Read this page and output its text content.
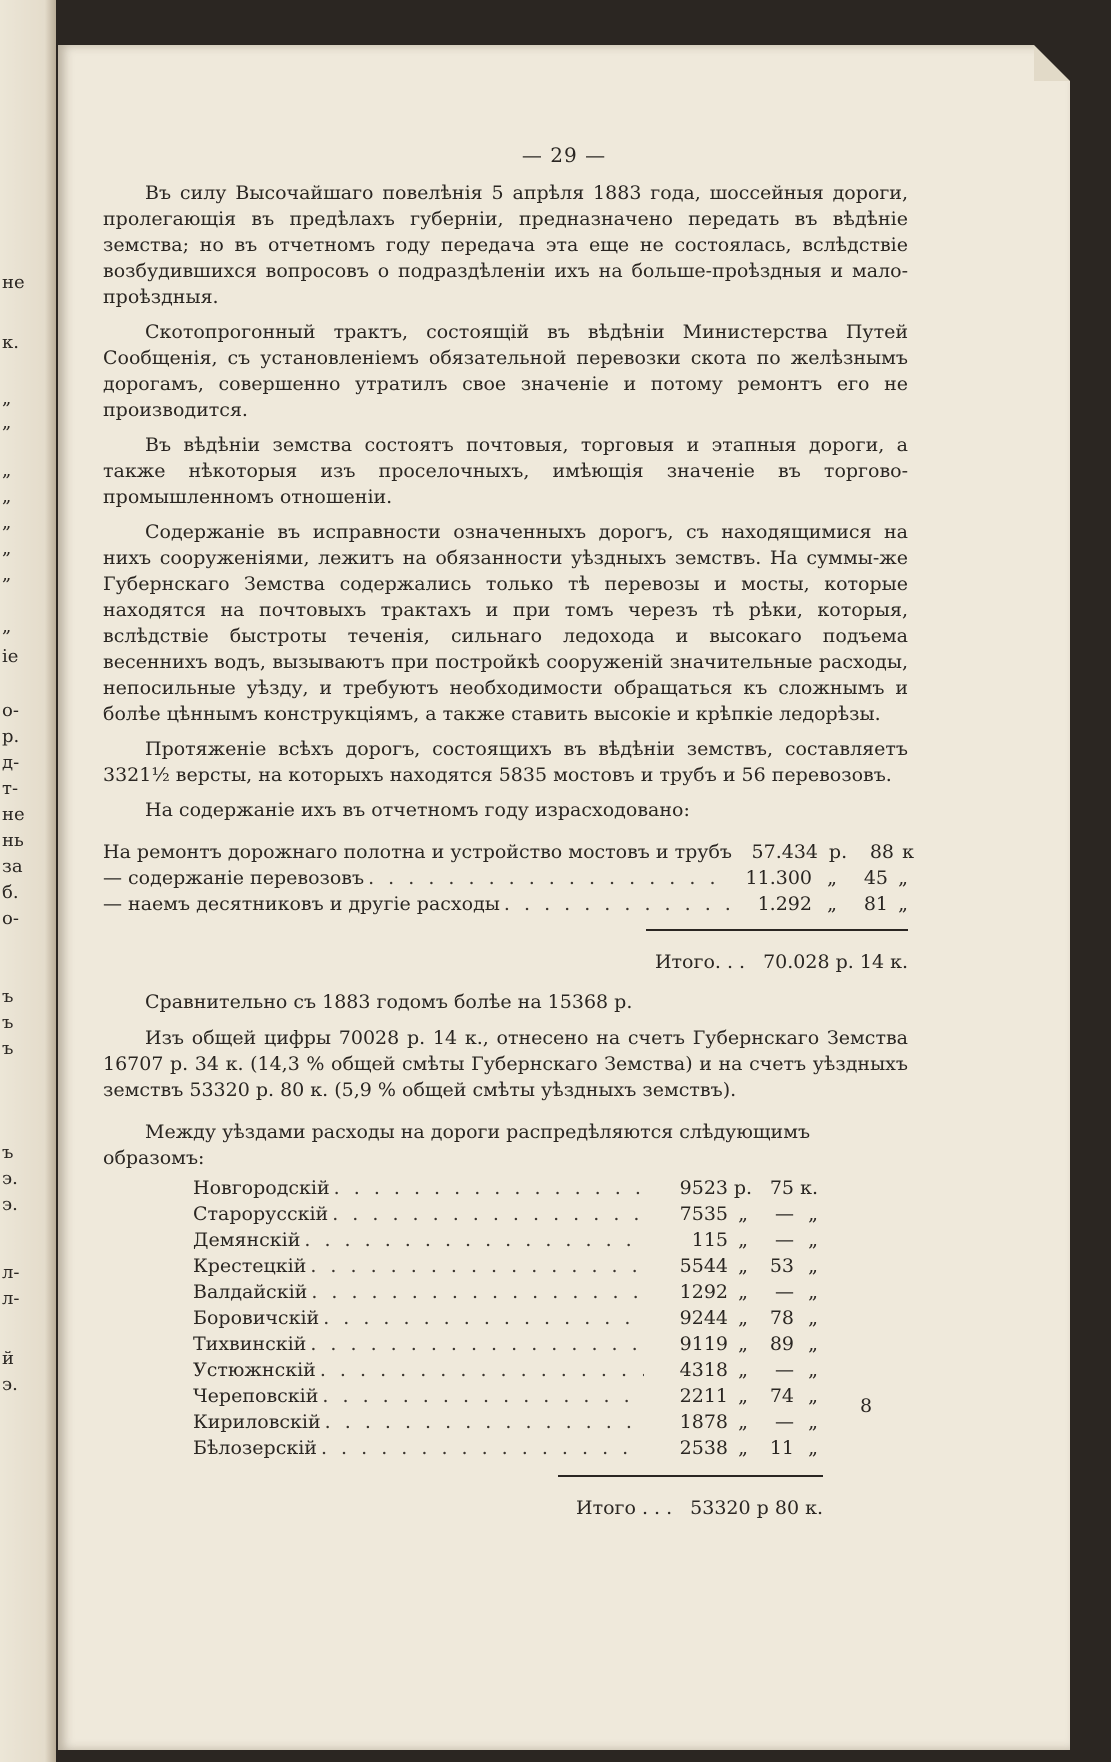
не
к.
„
„
„
„
„
„
„
„
іе
о-
р.
д-
т-
не
нь
за
б.
о-
ъ
ъ
ъ
ъ
э.
э.
л-
л-
й
э.
— 29 —

Въ силу Высочайшаго повелѣнія 5 апрѣля 1883 года, шоссейныя дороги, пролегающія въ предѣлахъ губерніи, предназначено передать въ вѣдѣніе земства; но въ отчетномъ году передача эта еще не состоялась, вслѣдствіе возбудившихся вопросовъ о подраздѣленіи ихъ на больше-проѣздныя и мало-проѣздныя.

Скотопрогонный трактъ, состоящій въ вѣдѣніи Министерства Путей Сообщенія, съ установленіемъ обязательной перевозки скота по желѣзнымъ дорогамъ, совершенно утратилъ свое значеніе и потому ремонтъ его не производится.

Въ вѣдѣніи земства состоятъ почтовыя, торговыя и этапныя дороги, а также нѣкоторыя изъ проселочныхъ, имѣющія значеніе въ торгово-промышленномъ отношеніи.

Содержаніе въ исправности означенныхъ дорогъ, съ находящимися на нихъ сооруженіями, лежитъ на обязанности уѣздныхъ земствъ. На суммы-же Губернскаго Земства содержались только тѣ перевозы и мосты, которые находятся на почтовыхъ трактахъ и при томъ черезъ тѣ рѣки, которыя, вслѣдствіе быстроты теченія, сильнаго ледохода и высокаго подъема весеннихъ водъ, вызываютъ при постройкѣ сооруженій значительные расходы, непосильные уѣзду, и требуютъ необходимости обращаться къ сложнымъ и болѣе цѣннымъ конструкціямъ, а также ставить высокіе и крѣпкіе ледорѣзы.

Протяженіе всѣхъ дорогъ, состоящихъ въ вѣдѣніи земствъ, составляетъ 3321½ версты, на которыхъ находятся 5835 мостовъ и трубъ и 56 перевозовъ.

На содержаніе ихъ въ отчетномъ году израсходовано:

На ремонтъ дорожнаго полотна и устройство мостовъ и трубъ	57.434 р.	88 к
— содержаніе перевозовъ . . .	11.300 „	45 „
— наемъ десятниковъ и другіе расходы . . .	1.292 „	81 „
Итого. . . 70.028 р. 14 к.

Сравнительно съ 1883 годомъ болѣе на 15368 р.

Изъ общей цифры 70028 р. 14 к., отнесено на счетъ Губернскаго Земства 16707 р. 34 к. (14,3 % общей смѣты Губернскаго Земства) и на счетъ уѣздныхъ земствъ 53320 р. 80 к. (5,9 % общей смѣты уѣздныхъ земствъ).

Между уѣздами расходы на дороги распредѣляются слѣдующимъ образомъ:

Новгородскій . . .	9523 р. 75 к.
Старорусскій . . .	7535 „	— „
Демянскій . . .	115 „	— „
Крестецкій . . .	5544 „	53 „
Валдайскій . . .	1292 „	— „
Боровичскій . . .	9244 „	78 „
Тихвинскій . . .	9119 „	89 „
Устюжнскій . . .	4318 „	— „
Череповскій . . .	2211 „	74 „
Кириловскій . . .	1878 „	— „
Бѣлозерскій . . .	2538 „	11 „
Итого . . . 53320 р 80 к.
8
